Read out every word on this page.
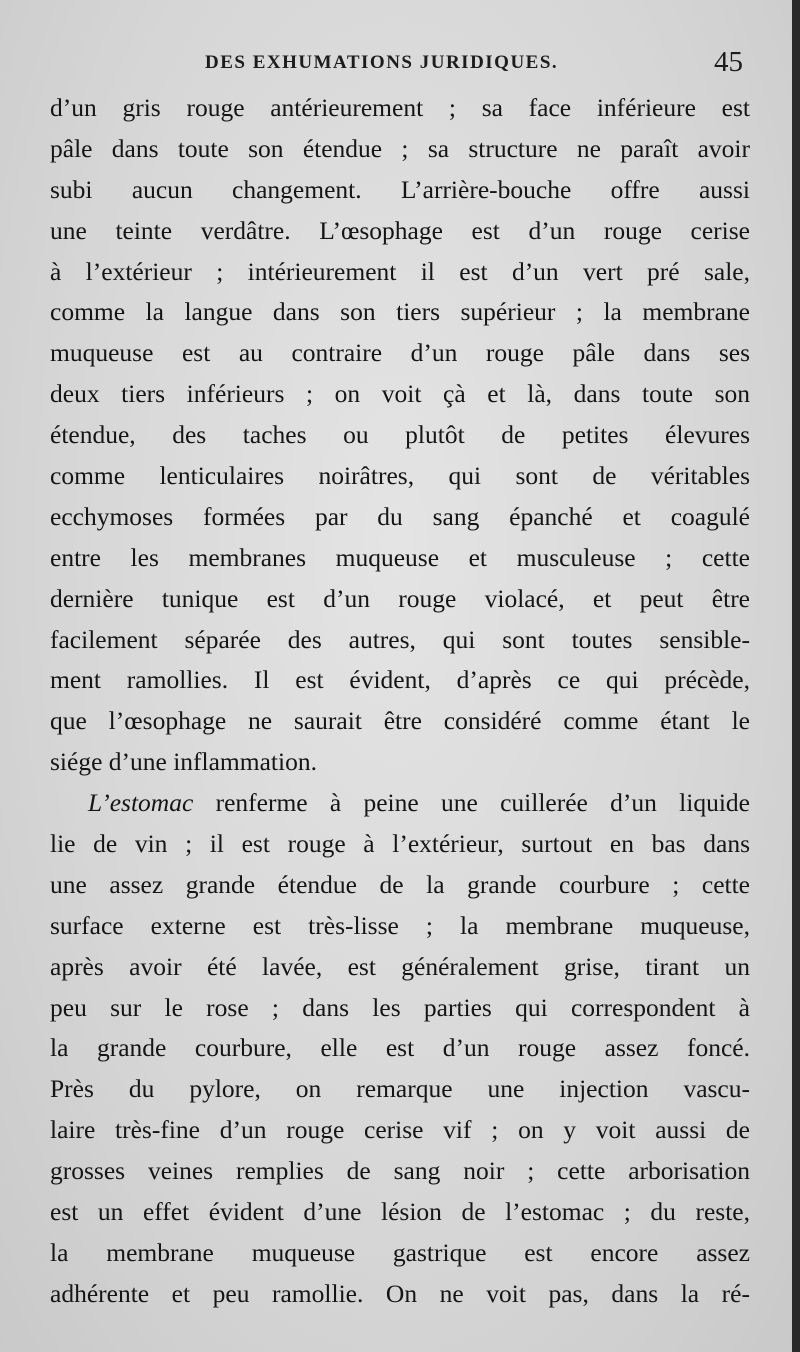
DES EXHUMATIONS JURIDIQUES.	45
d’un gris rouge antérieurement ; sa face inférieure est
pâle dans toute son étendue ; sa structure ne paraît avoir
subi aucun changement. L’arrière-bouche offre aussi
une teinte verdâtre. L’œsophage est d’un rouge cerise
à l’extérieur ; intérieurement il est d’un vert pré sale,
comme la langue dans son tiers supérieur ; la membrane
muqueuse est au contraire d’un rouge pâle dans ses
deux tiers inférieurs ; on voit çà et là, dans toute son
étendue, des taches ou plutôt de petites élevures
comme lenticulaires noirâtres, qui sont de véritables
ecchymoses formées par du sang épanché et coagulé
entre les membranes muqueuse et musculeuse ; cette
dernière tunique est d’un rouge violacé, et peut être
facilement séparée des autres, qui sont toutes sensible-
ment ramollies. Il est évident, d’après ce qui précède,
que l’œsophage ne saurait être considéré comme étant le
siége d’une inflammation.
L’estomac renferme à peine une cuillerée d’un liquide
lie de vin ; il est rouge à l’extérieur, surtout en bas dans
une assez grande étendue de la grande courbure ; cette
surface externe est très-lisse ; la membrane muqueuse,
après avoir été lavée, est généralement grise, tirant un
peu sur le rose ; dans les parties qui correspondent à
la grande courbure, elle est d’un rouge assez foncé.
Près du pylore, on remarque une injection vascu-
laire très-fine d’un rouge cerise vif ; on y voit aussi de
grosses veines remplies de sang noir ; cette arborisation
est un effet évident d’une lésion de l’estomac ; du reste,
la membrane muqueuse gastrique est encore assez
adhérente et peu ramollie. On ne voit pas, dans la ré-
